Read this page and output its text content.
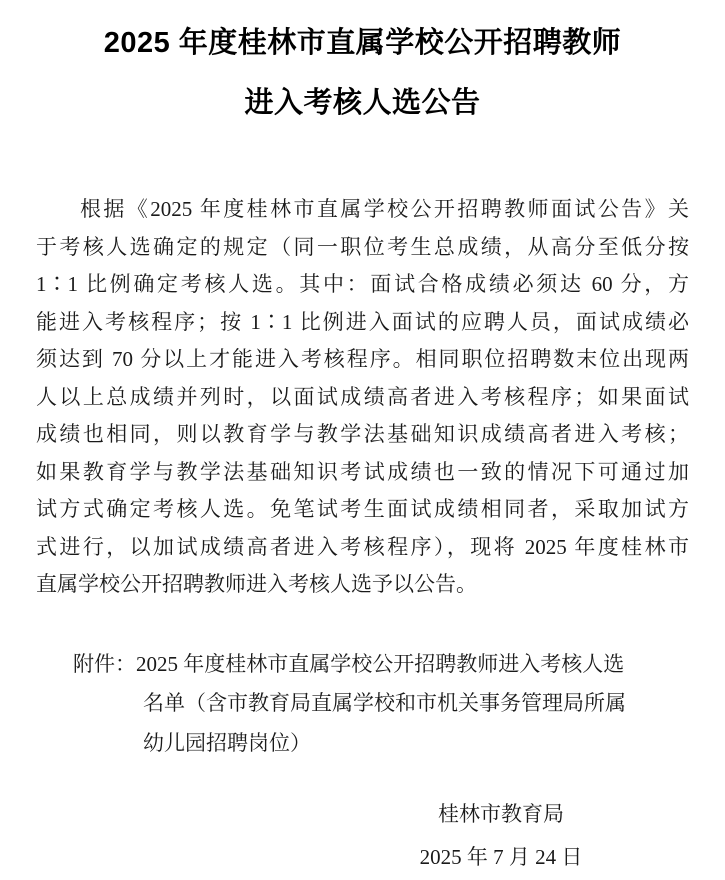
2025 年度桂林市直属学校公开招聘教师
进入考核人选公告
根据《2025 年度桂林市直属学校公开招聘教师面试公告》关
于考核人选确定的规定（同一职位考生总成绩，从高分至低分按
1∶1 比例确定考核人选。其中：面试合格成绩必须达 60 分，方
能进入考核程序；按 1∶1 比例进入面试的应聘人员，面试成绩必
须达到 70 分以上才能进入考核程序。相同职位招聘数末位出现两
人以上总成绩并列时，以面试成绩高者进入考核程序；如果面试
成绩也相同，则以教育学与教学法基础知识成绩高者进入考核；
如果教育学与教学法基础知识考试成绩也一致的情况下可通过加
试方式确定考核人选。免笔试考生面试成绩相同者，采取加试方
式进行，以加试成绩高者进入考核程序），现将 2025 年度桂林市
直属学校公开招聘教师进入考核人选予以公告。
附件：2025 年度桂林市直属学校公开招聘教师进入考核人选
名单（含市教育局直属学校和市机关事务管理局所属
幼儿园招聘岗位）
桂林市教育局
2025 年 7 月 24 日
